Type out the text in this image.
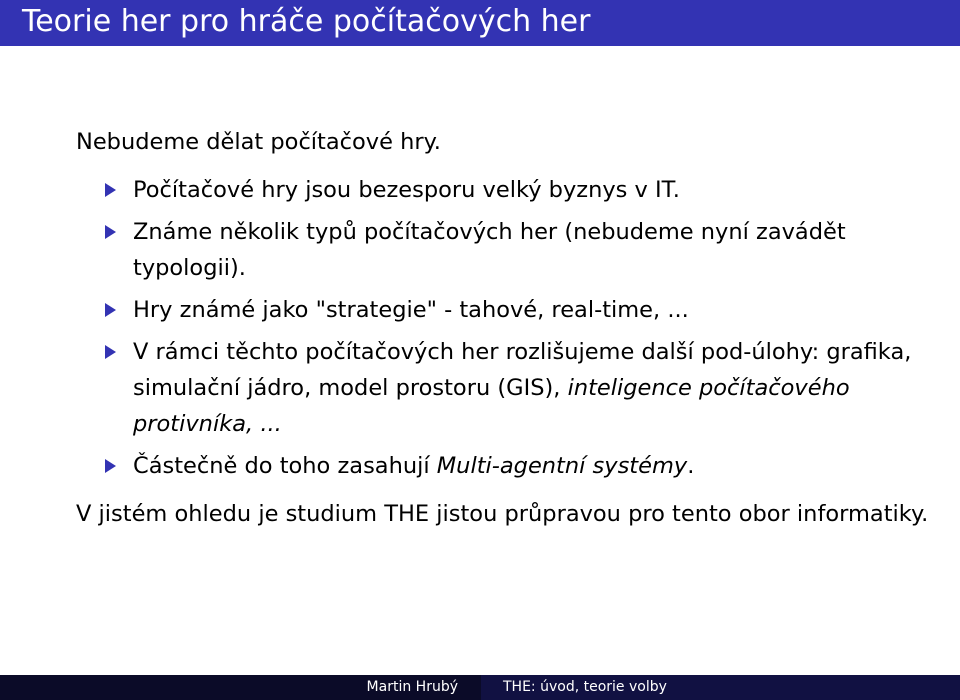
Teorie her pro hráče počítačových her

Nebudeme dělat počítačové hry.

Počítačové hry jsou bezesporu velký byznys v IT.
Známe několik typů počítačových her (nebudeme nyní zavádět typologii).
Hry známé jako "strategie" - tahové, real-time, ...
V rámci těchto počítačových her rozlišujeme další pod-úlohy: grafika, simulační jádro, model prostoru (GIS), inteligence počítačového protivníka, ...
Částečně do toho zasahují Multi-agentní systémy.

V jistém ohledu je studium THE jistou průpravou pro tento obor informatiky.

Martin Hrubý	THE: úvod, teorie volby
